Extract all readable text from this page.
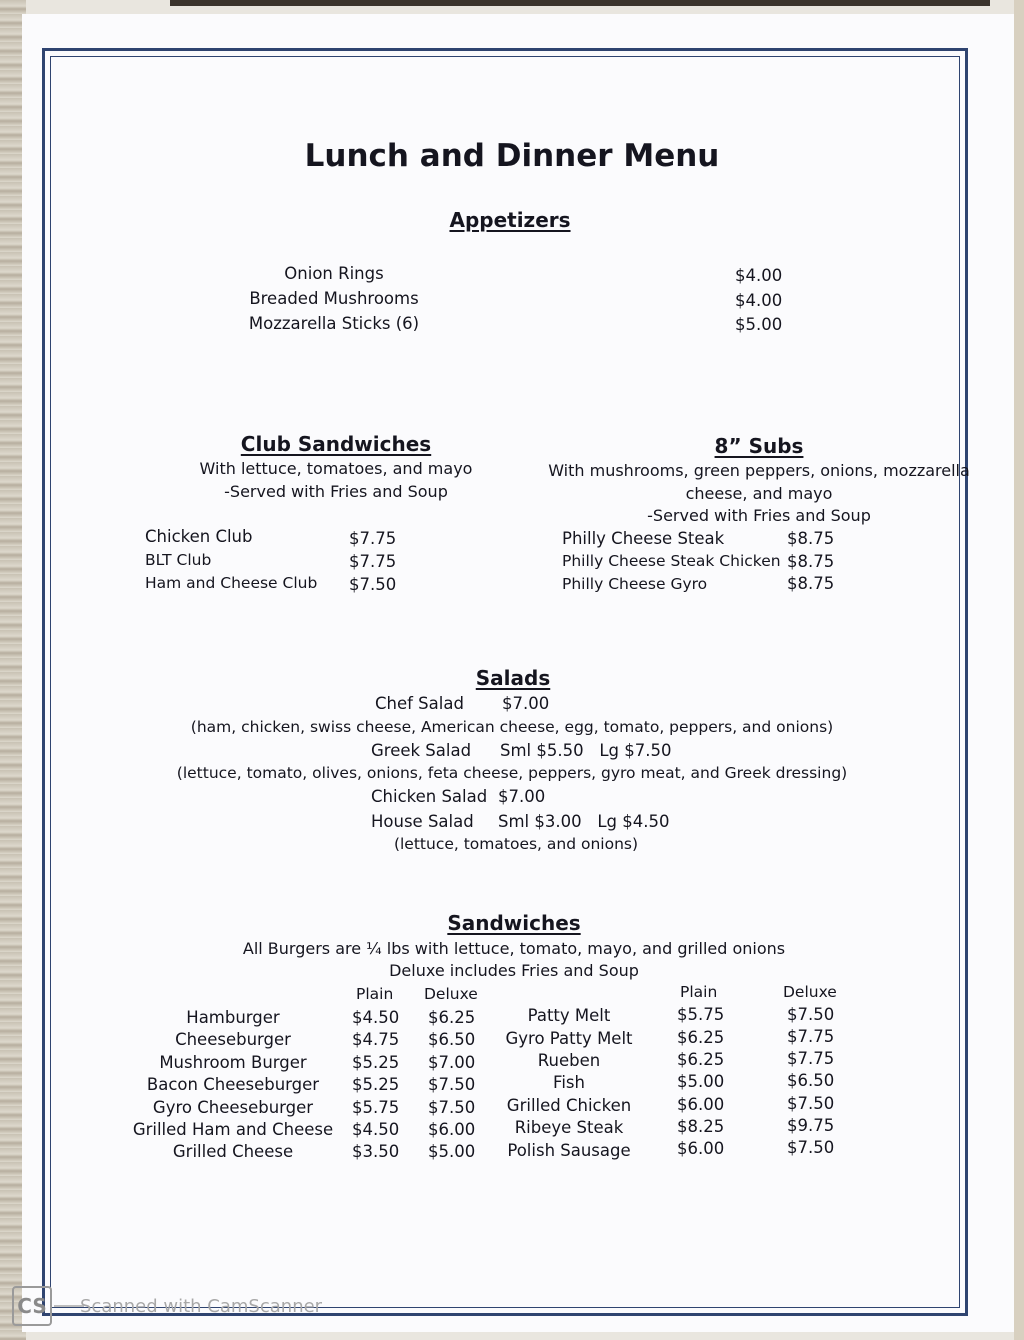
Lunch and Dinner Menu
Appetizers
Onion Rings
Breaded Mushrooms
Mozzarella Sticks (6)
$4.00
$4.00
$5.00
Club Sandwiches
With lettuce, tomatoes, and mayo
-Served with Fries and Soup
Chicken Club
BLT Club
Ham and Cheese Club
$7.75
$7.75
$7.50
8” Subs
With mushrooms, green peppers, onions, mozzarella
cheese, and mayo
-Served with Fries and Soup
Philly Cheese Steak
Philly Cheese Steak Chicken
Philly Cheese Gyro
$8.75
$8.75
$8.75
Salads
Chef Salad $7.00
(ham, chicken, swiss cheese, American cheese, egg, tomato, peppers, and onions)
Greek Salad Sml $5.50   Lg $7.50
(lettuce, tomato, olives, onions, feta cheese, peppers, gyro meat, and Greek dressing)
Chicken Salad $7.00
House Salad Sml $3.00   Lg $4.50
(lettuce, tomatoes, and onions)
Sandwiches
All Burgers are ¼ lbs with lettuce, tomato, mayo, and grilled onions
Deluxe includes Fries and Soup
Plain Deluxe	Plain	Deluxe
Hamburger
Cheeseburger
Mushroom Burger
Bacon Cheeseburger
Gyro Cheeseburger
Grilled Ham and Cheese
Grilled Cheese
$4.50
$4.75
$5.25
$5.25
$5.75
$4.50
$3.50
$6.25
$6.50
$7.00
$7.50
$7.50
$6.00
$5.00
Patty Melt
Gyro Patty Melt
Rueben
Fish
Grilled Chicken
Ribeye Steak
Polish Sausage
$5.75
$6.25
$6.25
$5.00
$6.00
$8.25
$6.00
$7.50
$7.75
$7.75
$6.50
$7.50
$9.75
$7.50
CS Scanned with CamScanner
